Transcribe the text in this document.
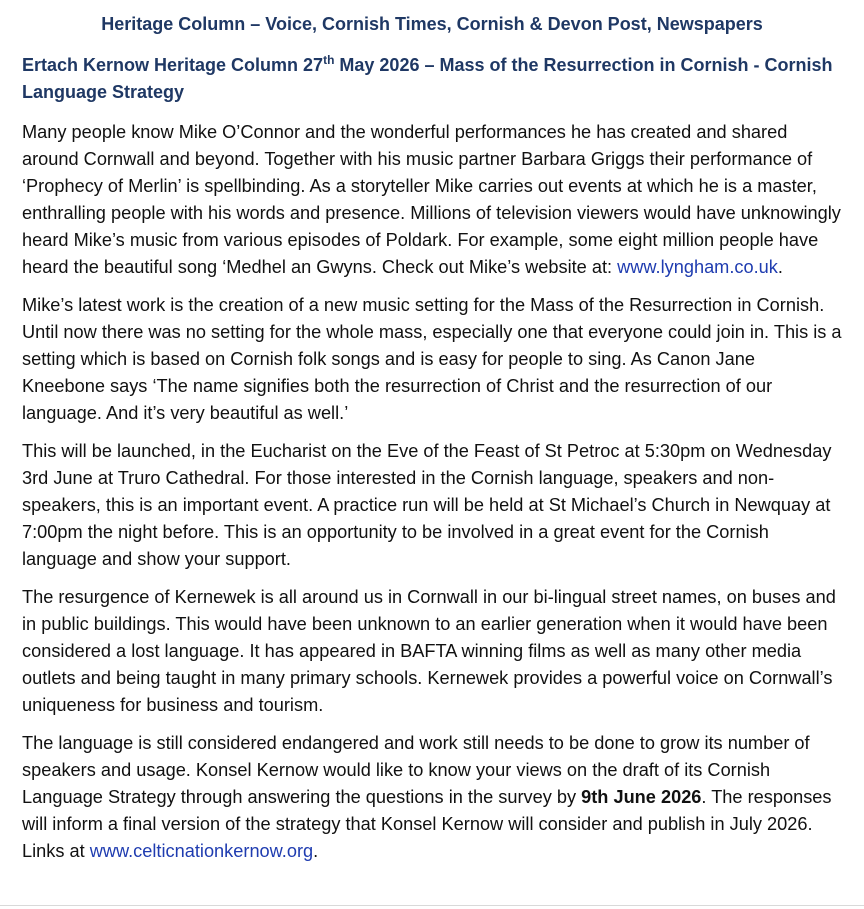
Heritage Column – Voice, Cornish Times, Cornish & Devon Post, Newspapers
Ertach Kernow Heritage Column 27th May 2026 – Mass of the Resurrection in Cornish - Cornish Language Strategy

Many people know Mike O’Connor and the wonderful performances he has created and shared around Cornwall and beyond. Together with his music partner Barbara Griggs their performance of ‘Prophecy of Merlin’ is spellbinding. As a storyteller Mike carries out events at which he is a master, enthralling people with his words and presence. Millions of television viewers would have unknowingly heard Mike’s music from various episodes of Poldark. For example, some eight million people have heard the beautiful song ‘Medhel an Gwyns. Check out Mike’s website at: www.lyngham.co.uk.

Mike’s latest work is the creation of a new music setting for the Mass of the Resurrection in Cornish. Until now there was no setting for the whole mass, especially one that everyone could join in. This is a setting which is based on Cornish folk songs and is easy for people to sing. As Canon Jane Kneebone says ‘The name signifies both the resurrection of Christ and the resurrection of our language. And it’s very beautiful as well.’

This will be launched, in the Eucharist on the Eve of the Feast of St Petroc at 5:30pm on Wednesday 3rd June at Truro Cathedral. For those interested in the Cornish language, speakers and non-speakers, this is an important event. A practice run will be held at St Michael’s Church in Newquay at 7:00pm the night before. This is an opportunity to be involved in a great event for the Cornish language and show your support.

The resurgence of Kernewek is all around us in Cornwall in our bi-lingual street names, on buses and in public buildings. This would have been unknown to an earlier generation when it would have been considered a lost language. It has appeared in BAFTA winning films as well as many other media outlets and being taught in many primary schools. Kernewek provides a powerful voice on Cornwall’s uniqueness for business and tourism.

The language is still considered endangered and work still needs to be done to grow its number of speakers and usage. Konsel Kernow would like to know your views on the draft of its Cornish Language Strategy through answering the questions in the survey by 9th June 2026. The responses will inform a final version of the strategy that Konsel Kernow will consider and publish in July 2026. Links at www.celticnationkernow.org.
